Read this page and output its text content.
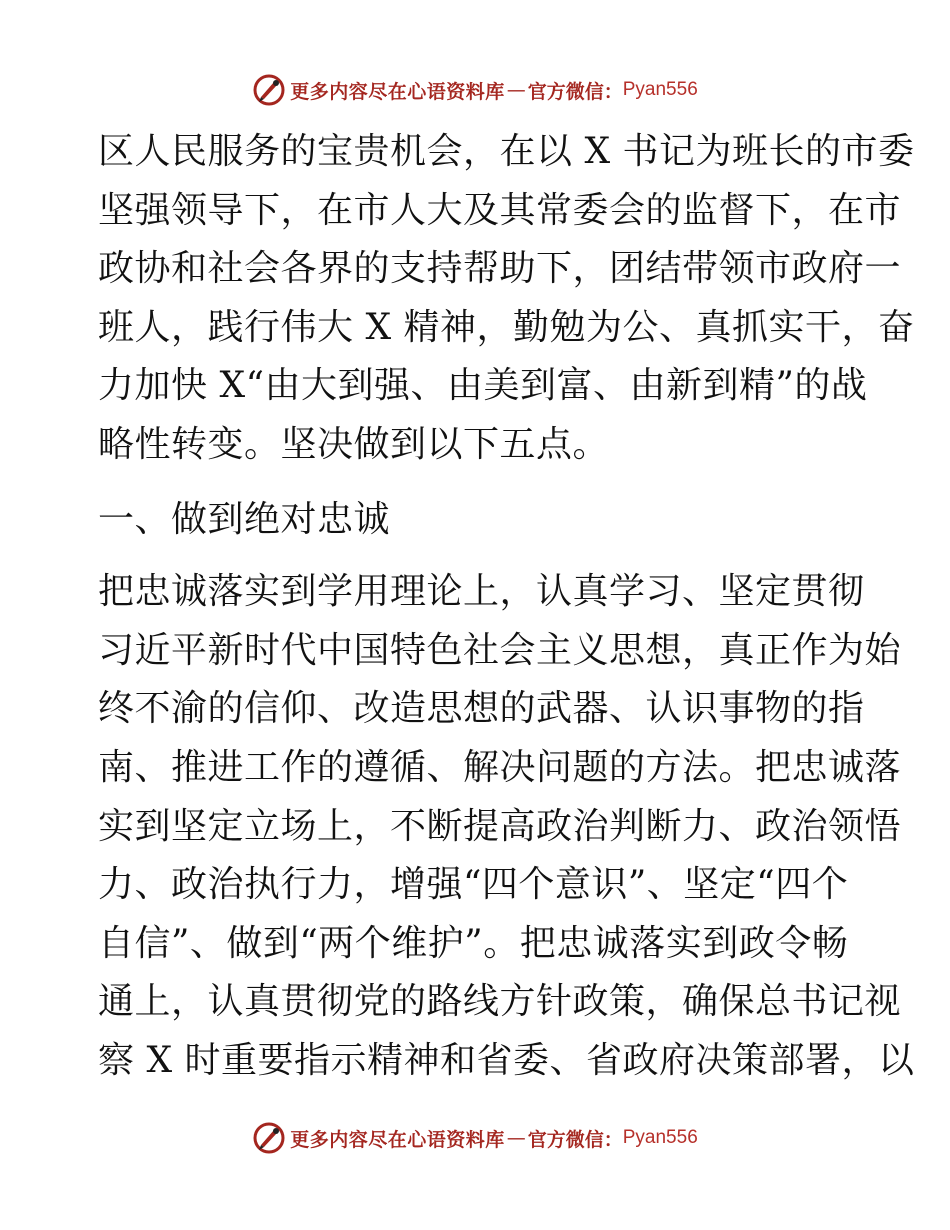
更多内容尽在心语资料库 — 官方微信： Pyan556
区人民服务的宝贵机会，在以 X 书记为班长的市委
坚强领导下，在市人大及其常委会的监督下，在市
政协和社会各界的支持帮助下，团结带领市政府一
班人，践行伟大 X 精神，勤勉为公、真抓实干，奋
力加快 X“由大到强、由美到富、由新到精”的战
略性转变。坚决做到以下五点。
一、做到绝对忠诚
把忠诚落实到学用理论上，认真学习、坚定贯彻
习近平新时代中国特色社会主义思想，真正作为始
终不渝的信仰、改造思想的武器、认识事物的指
南、推进工作的遵循、解决问题的方法。把忠诚落
实到坚定立场上，不断提高政治判断力、政治领悟
力、政治执行力，增强“四个意识”、坚定“四个
自信”、做到“两个维护”。把忠诚落实到政令畅
通上，认真贯彻党的路线方针政策，确保总书记视
察 X 时重要指示精神和省委、省政府决策部署，以
更多内容尽在心语资料库 — 官方微信： Pyan556
